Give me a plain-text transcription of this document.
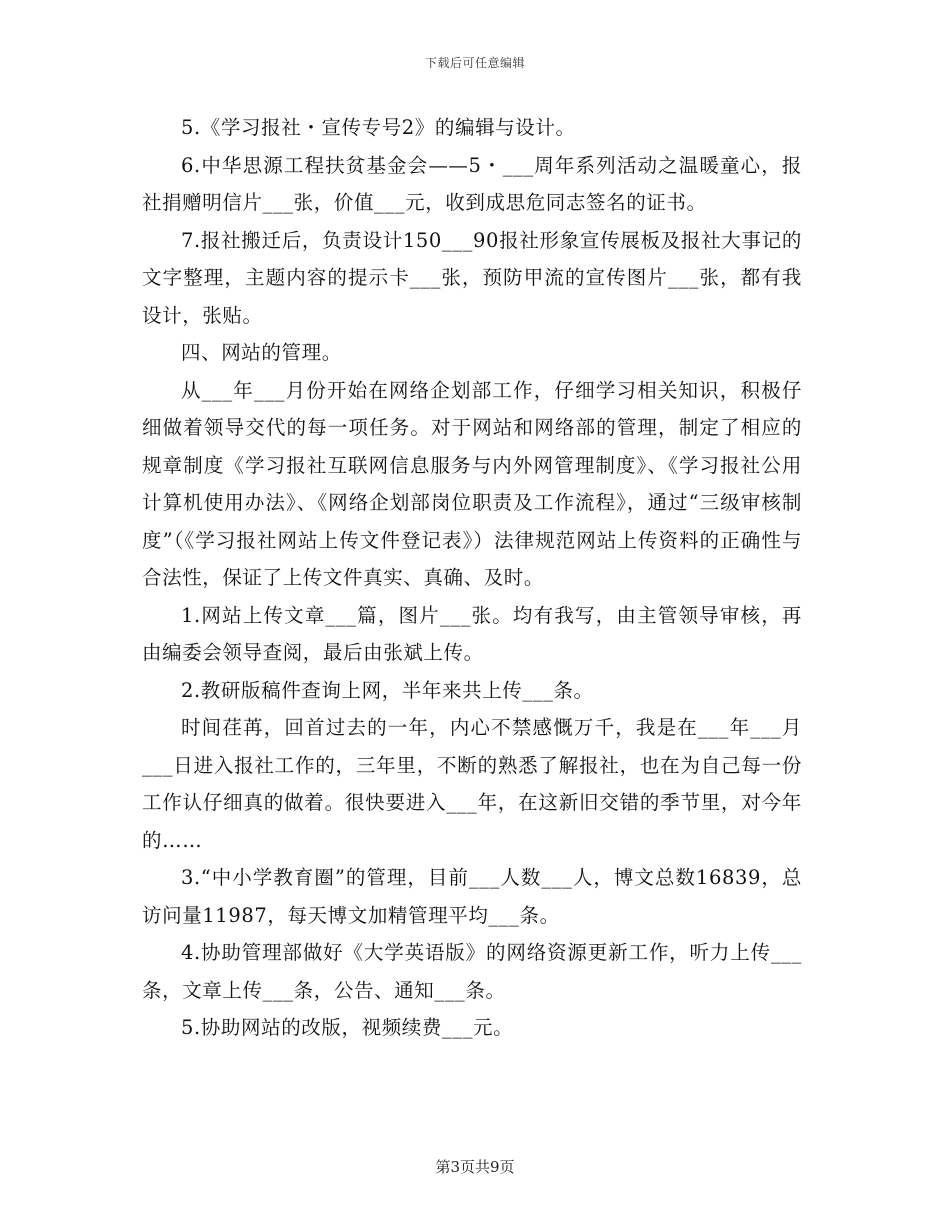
下载后可任意编辑

5.《学习报社・宣传专号2》的编辑与设计。

6.中华思源工程扶贫基金会——5・___周年系列活动之温暖童心，报社捐赠明信片___张，价值___元，收到成思危同志签名的证书。

7.报社搬迁后，负责设计150___90报社形象宣传展板及报社大事记的文字整理，主题内容的提示卡___张，预防甲流的宣传图片___张，都有我设计，张贴。

四、网站的管理。

从___年___月份开始在网络企划部工作，仔细学习相关知识，积极仔细做着领导交代的每一项任务。对于网站和网络部的管理，制定了相应的规章制度《学习报社互联网信息服务与内外网管理制度》、《学习报社公用计算机使用办法》、《网络企划部岗位职责及工作流程》，通过“三级审核制度”（《学习报社网站上传文件登记表》）法律规范网站上传资料的正确性与合法性，保证了上传文件真实、真确、及时。

1.网站上传文章___篇，图片___张。均有我写，由主管领导审核，再由编委会领导查阅，最后由张斌上传。

2.教研版稿件查询上网，半年来共上传___条。

时间荏苒，回首过去的一年，内心不禁感慨万千，我是在___年___月___日进入报社工作的，三年里，不断的熟悉了解报社，也在为自己每一份工作认仔细真的做着。很快要进入___年，在这新旧交错的季节里，对今年的……

3.“中小学教育圈”的管理，目前___人数___人，博文总数16839，总访问量11987，每天博文加精管理平均___条。

4.协助管理部做好《大学英语版》的网络资源更新工作，听力上传___条，文章上传___条，公告、通知___条。

5.协助网站的改版，视频续费___元。

第3页共9页
